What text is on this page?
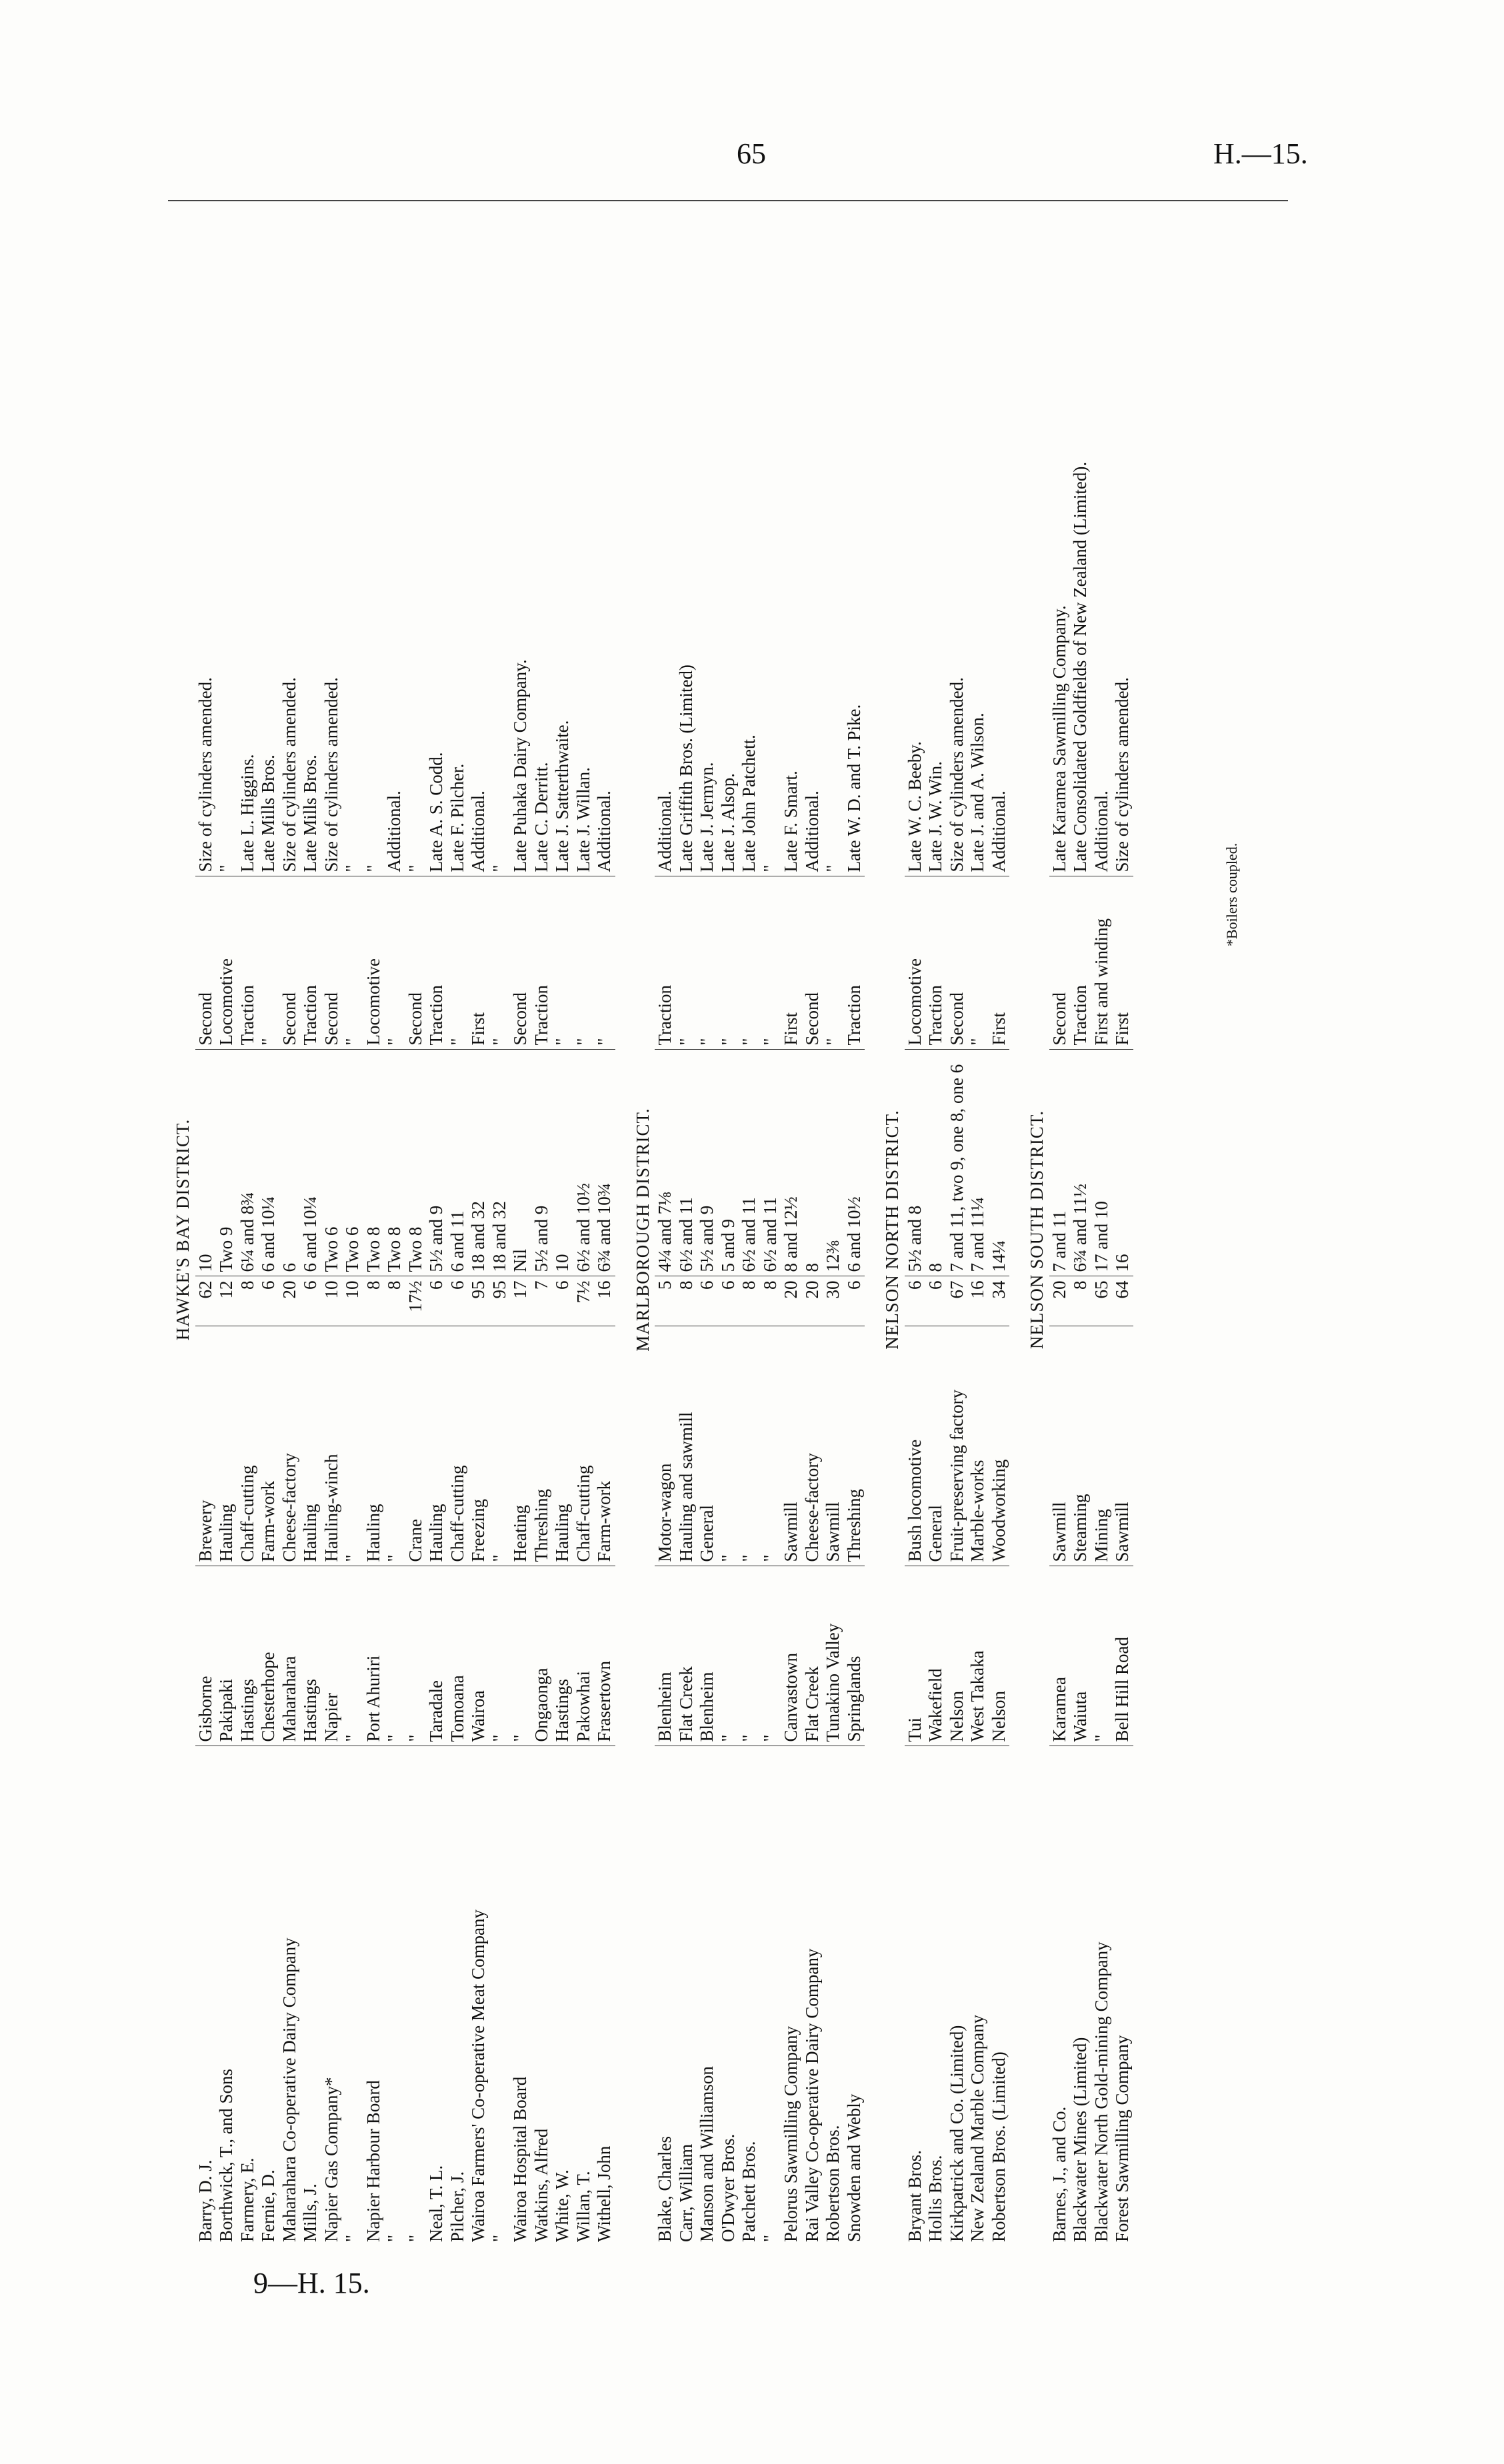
65	H.—15.
9—H. 15.
HAWKE'S BAY DISTRICT.						
Barry, D. J.	Gisborne	Brewery	62	10	Second	Size of cylinders amended.
Borthwick, T., and Sons	Pakipaki	Hauling	12	Two 9	Locomotive	"
Farmery, E.	Hastings	Chaff-cutting	8	6¼ and 8¾	Traction	Late L. Higgins.
Fernie, D.	Chesterhope	Farm-work	6	6 and 10¼	"	Late Mills Bros.
Maharahara Co-operative Dairy Company	Maharahara	Cheese-factory	20	6	Second	Size of cylinders amended.
Mills, J.	Hastings	Hauling	6	6 and 10¼	Traction	Late Mills Bros.
Napier Gas Company*	Napier	Hauling-winch	10	Two 6	Second	Size of cylinders amended.
"	"	"	10	Two 6	"	"
Napier Harbour Board	Port Ahuriri	Hauling	8	Two 8	Locomotive	"
"	"	"	8	Two 8	"	Additional.
"	"	Crane	17½	Two 8	Second	"
Neal, T. L.	Taradale	Hauling	6	5½ and 9	Traction	Late A. S. Codd.
Pilcher, J.	Tomoana	Chaff-cutting	6	6 and 11	"	Late F. Pilcher.
Wairoa Farmers' Co-operative Meat Company	Wairoa	Freezing	95	18 and 32	First	Additional.
"	"	"	95	18 and 32	"	"
Wairoa Hospital Board	"	Heating	17	Nil	Second	Late Puhaka Dairy Company.
Watkins, Alfred	Ongaonga	Threshing	7	5½ and 9	Traction	Late C. Derritt.
White, W.	Hastings	Hauling	6	10	"	Late J. Satterthwaite.
Willan, T.	Pakowhai	Chaff-cutting	7½	6½ and 10½	"	Late J. Willan.
Withell, John	Frasertown	Farm-work	16	6¾ and 10¾	"	Additional.

MARLBOROUGH DISTRICT.						
Blake, Charles	Blenheim	Motor-wagon	5	4¼ and 7⅛	Traction	Additional.
Carr, William	Flat Creek	Hauling and sawmill	8	6½ and 11	"	Late Griffith Bros. (Limited)
Manson and Williamson	Blenheim	General	6	5½ and 9	"	Late J. Jermyn.
O'Dwyer Bros.	"	"	6	5 and 9	"	Late J. Alsop.
Patchett Bros.	"	"	8	6½ and 11	"	Late John Patchett.
"	"	"	8	6½ and 11	"	"
Pelorus Sawmilling Company	Canvastown	Sawmill	20	8 and 12½	First	Late F. Smart.
Rai Valley Co-operative Dairy Company	Flat Creek	Cheese-factory	20	8	Second	Additional.
Robertson Bros.	Tunakino Valley	Sawmill	30	12⅜	"	"
Snowden and Webly	Springlands	Threshing	6	6 and 10½	Traction	Late W. D. and T. Pike.

NELSON NORTH DISTRICT.						
Bryant Bros.	Tui	Bush locomotive	6	5½ and 8	Locomotive	Late W. C. Beeby.
Hollis Bros.	Wakefield	General	6	8	Traction	Late J. W. Win.
Kirkpatrick and Co. (Limited)	Nelson	Fruit-preserving factory	67	7 and 11, two 9, one 8, one 6	Second	Size of cylinders amended.
New Zealand Marble Company	West Takaka	Marble-works	16	7 and 11¼	"	Late J. and A. Wilson.
Robertson Bros. (Limited)	Nelson	Woodworking	34	14¼	First	Additional.

NELSON SOUTH DISTRICT.						
Barnes, J., and Co.	Karamea	Sawmill	20	7 and 11	Second	Late Karamea Sawmilling Company.
Blackwater Mines (Limited)	Waiuta	Steaming	8	6¾ and 11½	Traction	Late Consolidated Goldfields of New Zealand (Limited).
Blackwater North Gold-mining Company	"	Mining	65	17 and 10	First and winding	Additional.
Forest Sawmilling Company	Bell Hill Road	Sawmill	64	16	First	Size of cylinders amended.
*Boilers coupled.
